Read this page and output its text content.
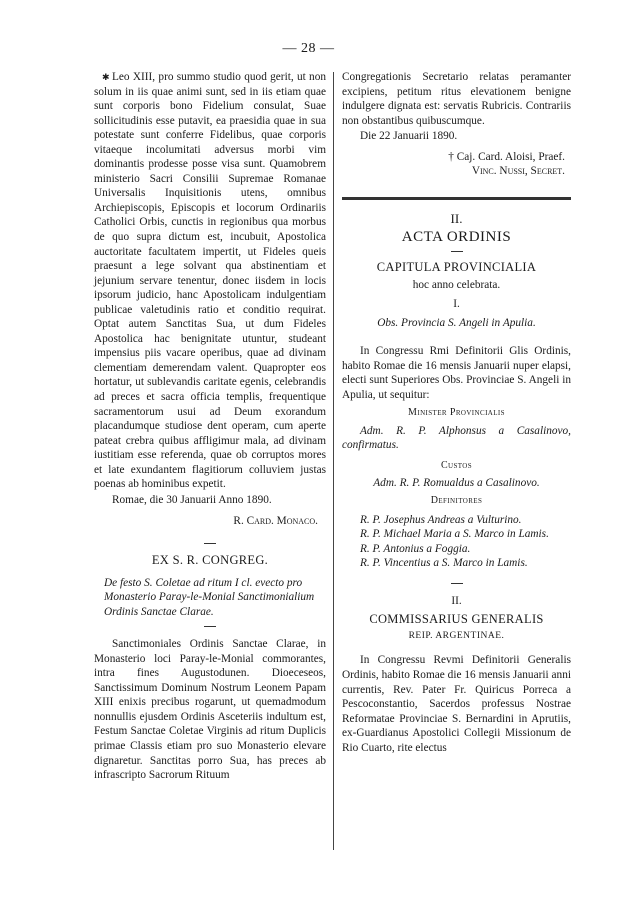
— 28 —

✱ Leo XIII, pro summo studio quod gerit, ut non solum in iis quae animi sunt, sed in iis etiam quae sunt corporis bono Fidelium consulat, Suae sollicitudinis esse putavit, ea praesidia quae in sua potestate sunt conferre Fidelibus, quae corporis vitaeque incolumitati adversus morbi vim dominantis prodesse posse visa sunt. Quamobrem ministerio Sacri Consilii Supremae Romanae Universalis Inquisitionis utens, omnibus Archiepiscopis, Episcopis et locorum Ordinariis Catholici Orbis, cunctis in regionibus qua morbus de quo supra dictum est, incubuit, Apostolica auctoritate facultatem impertit, ut Fideles queis praesunt a lege solvant qua abstinentiam et jejunium servare tenentur, donec iisdem in locis ipsorum judicio, hanc Apostolicam indulgentiam publicae valetudinis ratio et conditio requirat. Optat autem Sanctitas Sua, ut dum Fideles Apostolica hac benignitate utuntur, studeant impensius piis vacare operibus, quae ad divinam clementiam demerendam valent. Quapropter eos hortatur, ut sublevandis caritate egenis, celebrandis ad preces et sacra officia templis, frequentique sacramentorum usui ad Deum exorandum placandumque studiose dent operam, cum aperte pateat crebra quibus affligimur mala, ad divinam iustitiam esse referenda, quae ob corruptos mores et late exundantem flagitiorum colluviem justas poenas ab hominibus expetit.

Romae, die 30 Januarii Anno 1890.

R. Card. Monaco.

EX S. R. CONGREG.

De festo S. Coletae ad ritum I cl. evecto pro Monasterio Paray-le-Monial Sanctimonialium Ordinis Sanctae Clarae.

Sanctimoniales Ordinis Sanctae Clarae, in Monasterio loci Paray-le-Monial commorantes, intra fines Augustodunen. Dioeceseos, Sanctissimum Dominum Nostrum Leonem Papam XIII enixis precibus rogarunt, ut quemadmodum nonnullis ejusdem Ordinis Asceteriis indultum est, Festum Sanctae Coletae Virginis ad ritum Duplicis primae Classis etiam pro suo Monasterio elevare dignaretur. Sanctitas porro Sua, has preces ab infrascripto Sacrorum Rituum

Congregationis Secretario relatas peramanter excipiens, petitum ritus elevationem benigne indulgere dignata est: servatis Rubricis. Contrariis non obstantibus quibuscumque.

Die 22 Januarii 1890.

† Caj. Card. Aloisi, Praef.

Vinc. Nussi, Secret.

II.

ACTA ORDINIS

CAPITULA PROVINCIALIA

hoc anno celebrata.

I.

Obs. Provincia S. Angeli in Apulia.

In Congressu Rmi Definitorii Glis Ordinis, habito Romae die 16 mensis Januarii nuper elapsi, electi sunt Superiores Obs. Provinciae S. Angeli in Apulia, ut sequitur:

Minister Provincialis

Adm. R. P. Alphonsus a Casalinovo, confirmatus.

Custos

Adm. R. P. Romualdus a Casalinovo.

Definitores

R. P. Josephus Andreas a Vulturino.

R. P. Michael Maria a S. Marco in Lamis.

R. P. Antonius a Foggia.

R. P. Vincentius a S. Marco in Lamis.

II.

COMMISSARIUS GENERALIS

REIP. ARGENTINAE.

In Congressu Revmi Definitorii Generalis Ordinis, habito Romae die 16 mensis Januarii anni currentis, Rev. Pater Fr. Quiricus Porreca a Pescoconstantio, Sacerdos professus Nostrae Reformatae Provinciae S. Bernardini in Aprutiis, ex-Guardianus Apostolici Collegii Missionum de Rio Cuarto, rite electus
